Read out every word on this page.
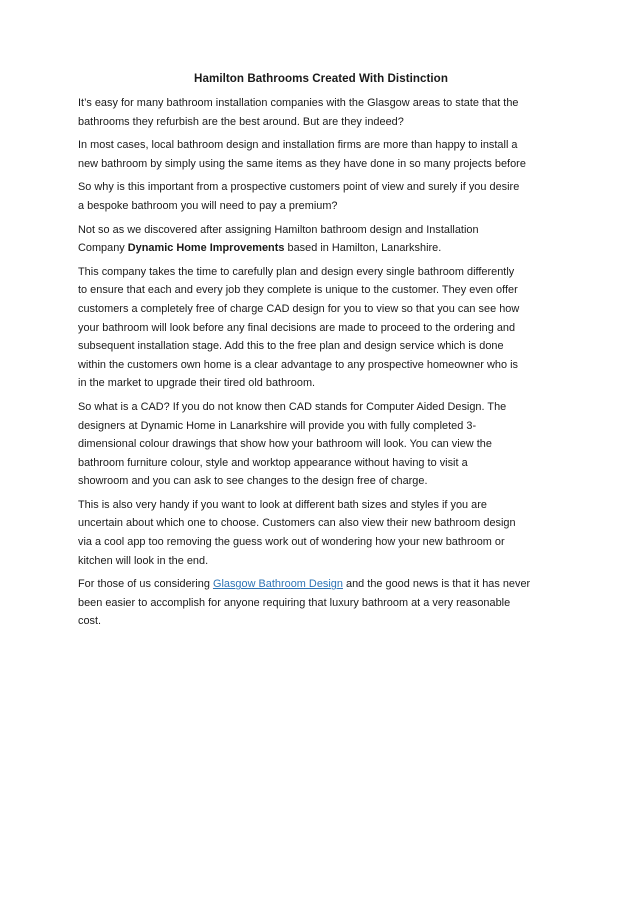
Hamilton Bathrooms Created With Distinction

It’s easy for many bathroom installation companies with the Glasgow areas to state that the
bathrooms they refurbish are the best around. But are they indeed?

In most cases, local bathroom design and installation firms are more than happy to install a
new bathroom by simply using the same items as they have done in so many projects before

So why is this important from a prospective customers point of view and surely if you desire
a bespoke bathroom you will need to pay a premium?

Not so as we discovered after assigning Hamilton bathroom design and Installation
Company Dynamic Home Improvements based in Hamilton, Lanarkshire.

This company takes the time to carefully plan and design every single bathroom differently
to ensure that each and every job they complete is unique to the customer. They even offer
customers a completely free of charge CAD design for you to view so that you can see how
your bathroom will look before any final decisions are made to proceed to the ordering and
subsequent installation stage. Add this to the free plan and design service which is done
within the customers own home is a clear advantage to any prospective homeowner who is
in the market to upgrade their tired old bathroom.

So what is a CAD? If you do not know then CAD stands for Computer Aided Design. The
designers at Dynamic Home in Lanarkshire will provide you with fully completed 3-
dimensional colour drawings that show how your bathroom will look. You can view the
bathroom furniture colour, style and worktop appearance without having to visit a
showroom and you can ask to see changes to the design free of charge.

This is also very handy if you want to look at different bath sizes and styles if you are
uncertain about which one to choose. Customers can also view their new bathroom design
via a cool app too removing the guess work out of wondering how your new bathroom or
kitchen will look in the end.

For those of us considering Glasgow Bathroom Design and the good news is that it has never
been easier to accomplish for anyone requiring that luxury bathroom at a very reasonable
cost.
